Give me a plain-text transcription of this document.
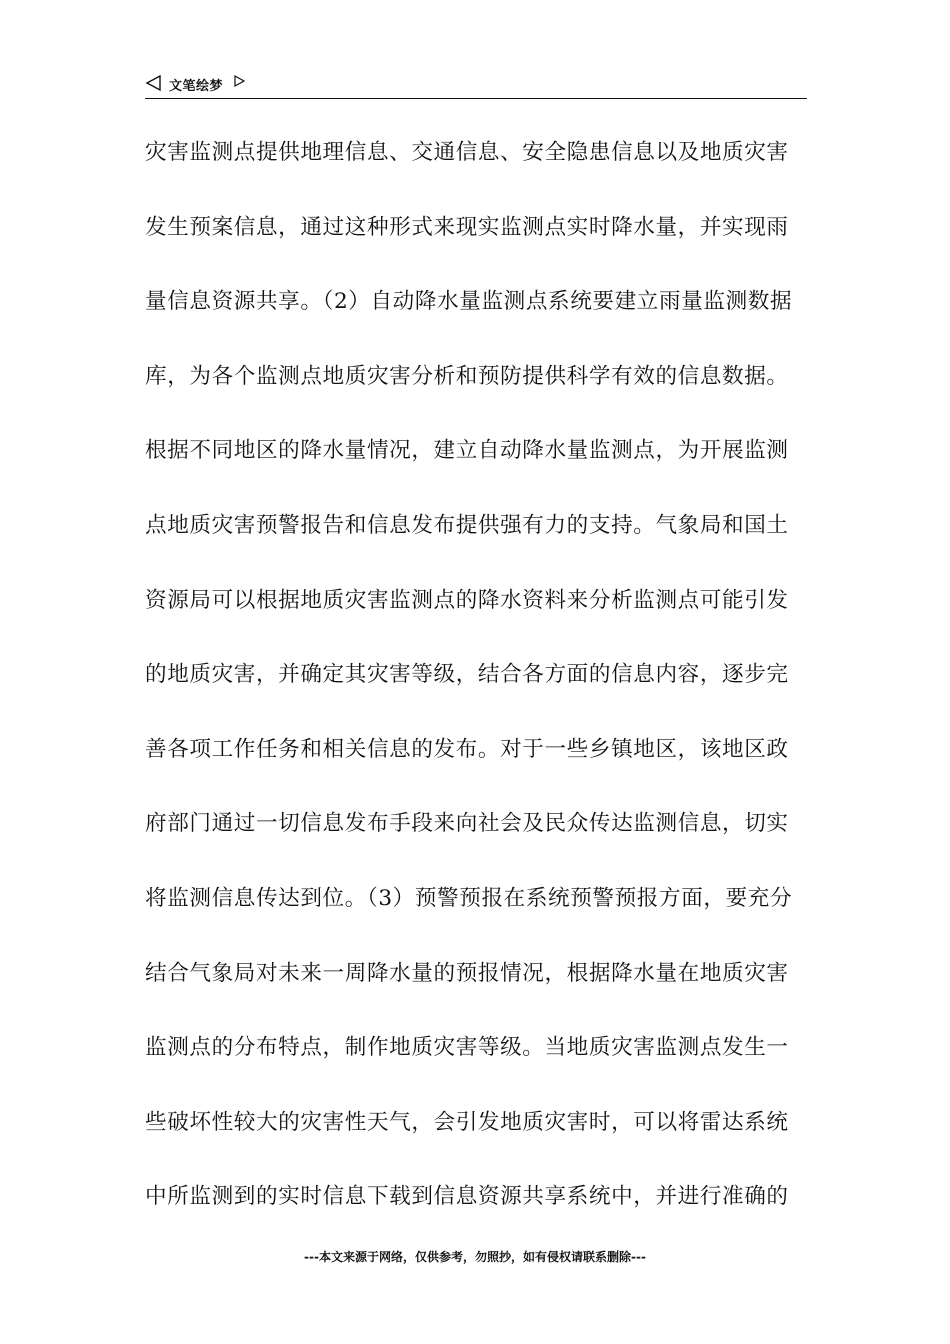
文笔绘梦
灾害监测点提供地理信息、交通信息、安全隐患信息以及地质灾害
发生预案信息，通过这种形式来现实监测点实时降水量，并实现雨
量信息资源共享。（2）自动降水量监测点系统要建立雨量监测数据
库，为各个监测点地质灾害分析和预防提供科学有效的信息数据。
根据不同地区的降水量情况，建立自动降水量监测点，为开展监测
点地质灾害预警报告和信息发布提供强有力的支持。气象局和国土
资源局可以根据地质灾害监测点的降水资料来分析监测点可能引发
的地质灾害，并确定其灾害等级，结合各方面的信息内容，逐步完
善各项工作任务和相关信息的发布。对于一些乡镇地区，该地区政
府部门通过一切信息发布手段来向社会及民众传达监测信息，切实
将监测信息传达到位。（3）预警预报在系统预警预报方面，要充分
结合气象局对未来一周降水量的预报情况，根据降水量在地质灾害
监测点的分布特点，制作地质灾害等级。当地质灾害监测点发生一
些破坏性较大的灾害性天气，会引发地质灾害时，可以将雷达系统
中所监测到的实时信息下载到信息资源共享系统中，并进行准确的
---本文来源于网络，仅供参考，勿照抄，如有侵权请联系删除---
